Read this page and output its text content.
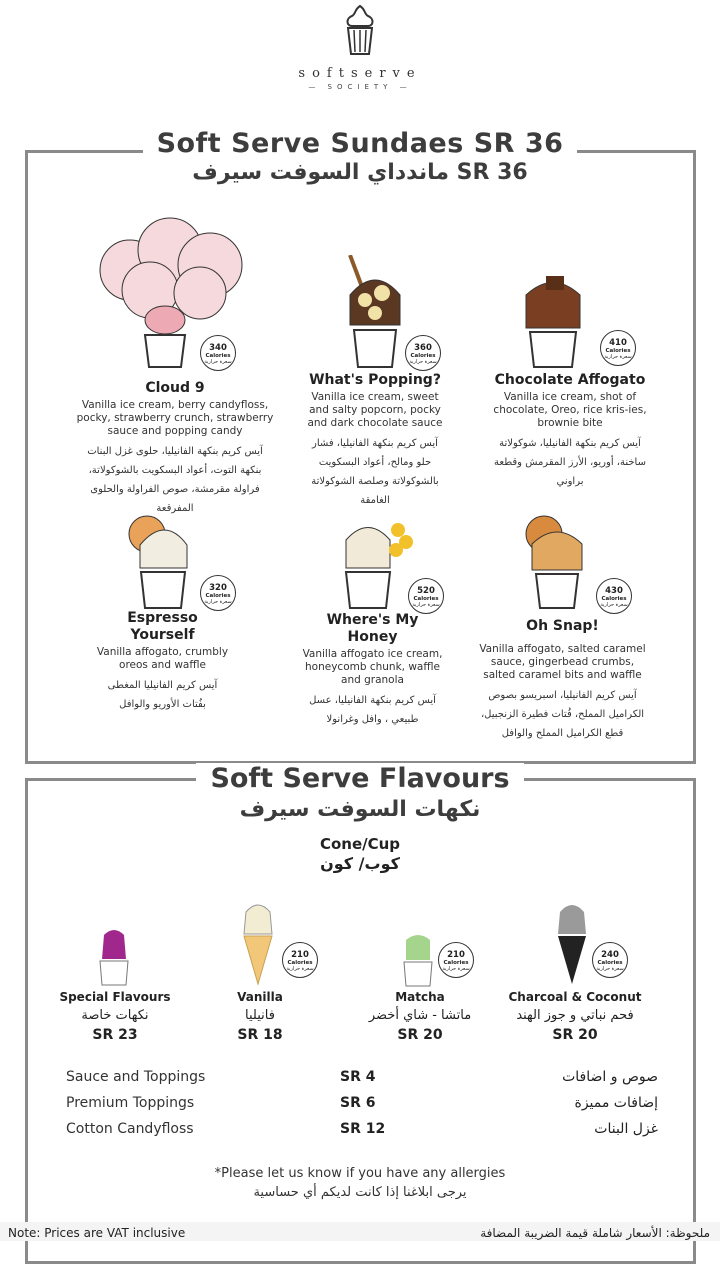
softserve
— SOCIETY —
Soft Serve Sundaes SR 36
ماندداي السوفت سيرف SR 36
Cloud 9
Vanilla ice cream, berry candyfloss, pocky, strawberry crunch, strawberry sauce and popping candy
آيس كريم بنكهة الفانيليا، حلوى غزل البنات بنكهة التوت، أعواد البسكويت بالشوكولاتة، فراولة مقرمشة، صوص الفراولة والحلوى المفرقعة
340
Calories
سعرة حرارية
What's Popping?
Vanilla ice cream, sweet and salty popcorn, pocky and dark chocolate sauce
آيس كريم بنكهة الفانيليا، فشار حلو ومالح، أعواد البسكويت بالشوكولاتة وصلصة الشوكولاتة الغامقة
360
Calories
سعرة حرارية
Chocolate Affogato
Vanilla ice cream, shot of chocolate, Oreo, rice kris-ies, brownie bite
آيس كريم بنكهة الفانيليا، شوكولاتة ساخنة، أوريو، الأرز المقرمش وقطعة براوني
410
Calories
سعرة حرارية
Espresso Yourself
Vanilla affogato, crumbly oreos and waffle
آيس كريم الفانيليا المغطى بفُتات الأوريو والوافل
320
Calories
سعرة حرارية
Where's My Honey
Vanilla affogato ice cream, honeycomb chunk, waffle and granola
آيس كريم بنكهة الفانيليا، عسل طبيعي ، وافل وغرانولا
520
Calories
سعرة حرارية
Oh Snap!
Vanilla affogato, salted caramel sauce, gingerbead crumbs, salted caramel bits and waffle
آيس كريم الفانيليا، اسبريسو بصوص الكراميل المملح، فُتات فطيرة الزنجبيل، قطع الكراميل المملح والوافل
430
Calories
سعرة حرارية
Soft Serve Flavours
نكهات السوفت سيرف
Cone/Cup
كوب/ كون
210
Calories
سعرة حرارية
210
Calories
سعرة حرارية
240
Calories
سعرة حرارية
Special Flavours
نكهات خاصة
SR 23
Vanilla
فانيليا
SR 18
Matcha
ماتشا - شاي أخضر
SR 20
Charcoal & Coconut
فحم نباتي و جوز الهند
SR 20
Sauce and Toppings	SR 4	صوص و اضافات
Premium Toppings	SR 6	إضافات مميزة
Cotton Candyfloss	SR 12	غزل البنات
*Please let us know if you have any allergies
يرجى ابلاغنا إذا كانت لديكم أي حساسية
Note: Prices are VAT inclusive	ملحوظة: الأسعار شاملة قيمة الضريبة المضافة
